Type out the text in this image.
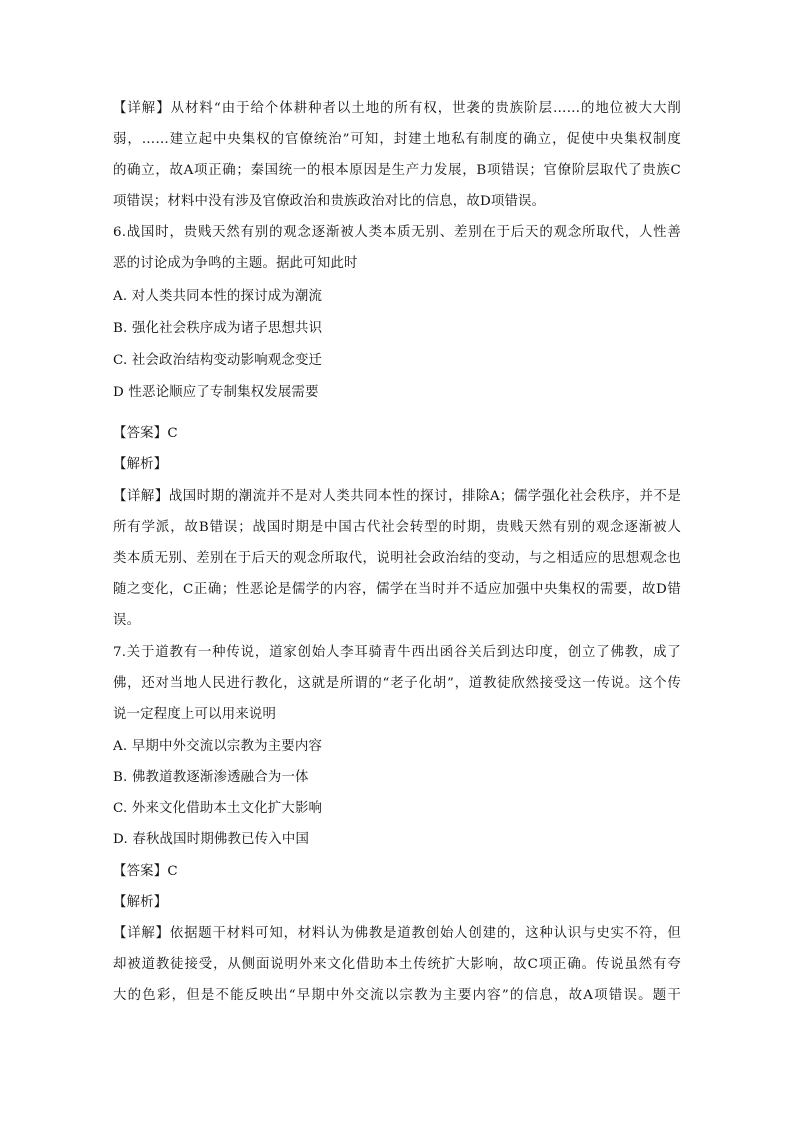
【详解】从材料“由于给个体耕种者以土地的所有权，世袭的贵族阶层……的地位被大大削
弱，……建立起中央集权的官僚统治”可知，封建土地私有制度的确立，促使中央集权制度
的确立，故A项正确；秦国统一的根本原因是生产力发展，B项错误；官僚阶层取代了贵族C
项错误；材料中没有涉及官僚政治和贵族政治对比的信息，故D项错误。
6.战国时，贵贱天然有别的观念逐渐被人类本质无别、差别在于后天的观念所取代，人性善
恶的讨论成为争鸣的主题。据此可知此时
A. 对人类共同本性的探讨成为潮流
B. 强化社会秩序成为诸子思想共识
C. 社会政治结构变动影响观念变迁
D 性恶论顺应了专制集权发展需要
【答案】C
【解析】
【详解】战国时期的潮流并不是对人类共同本性的探讨，排除A；儒学强化社会秩序，并不是
所有学派，故B错误；战国时期是中国古代社会转型的时期，贵贱天然有别的观念逐渐被人
类本质无别、差别在于后天的观念所取代，说明社会政治结的变动，与之相适应的思想观念也
随之变化，C正确；性恶论是儒学的内容，儒学在当时并不适应加强中央集权的需要，故D错
误。
7.关于道教有一种传说，道家创始人李耳骑青牛西出函谷关后到达印度，创立了佛教，成了
佛，还对当地人民进行教化，这就是所谓的“老子化胡”，道教徒欣然接受这一传说。这个传
说一定程度上可以用来说明
A. 早期中外交流以宗教为主要内容
B. 佛教道教逐渐渗透融合为一体
C. 外来文化借助本土文化扩大影响
D. 春秋战国时期佛教已传入中国
【答案】C
【解析】
【详解】依据题干材料可知，材料认为佛教是道教创始人创建的，这种认识与史实不符，但
却被道教徒接受，从侧面说明外来文化借助本土传统扩大影响，故C项正确。传说虽然有夸
大的色彩，但是不能反映出“早期中外交流以宗教为主要内容”的信息，故A项错误。题干
